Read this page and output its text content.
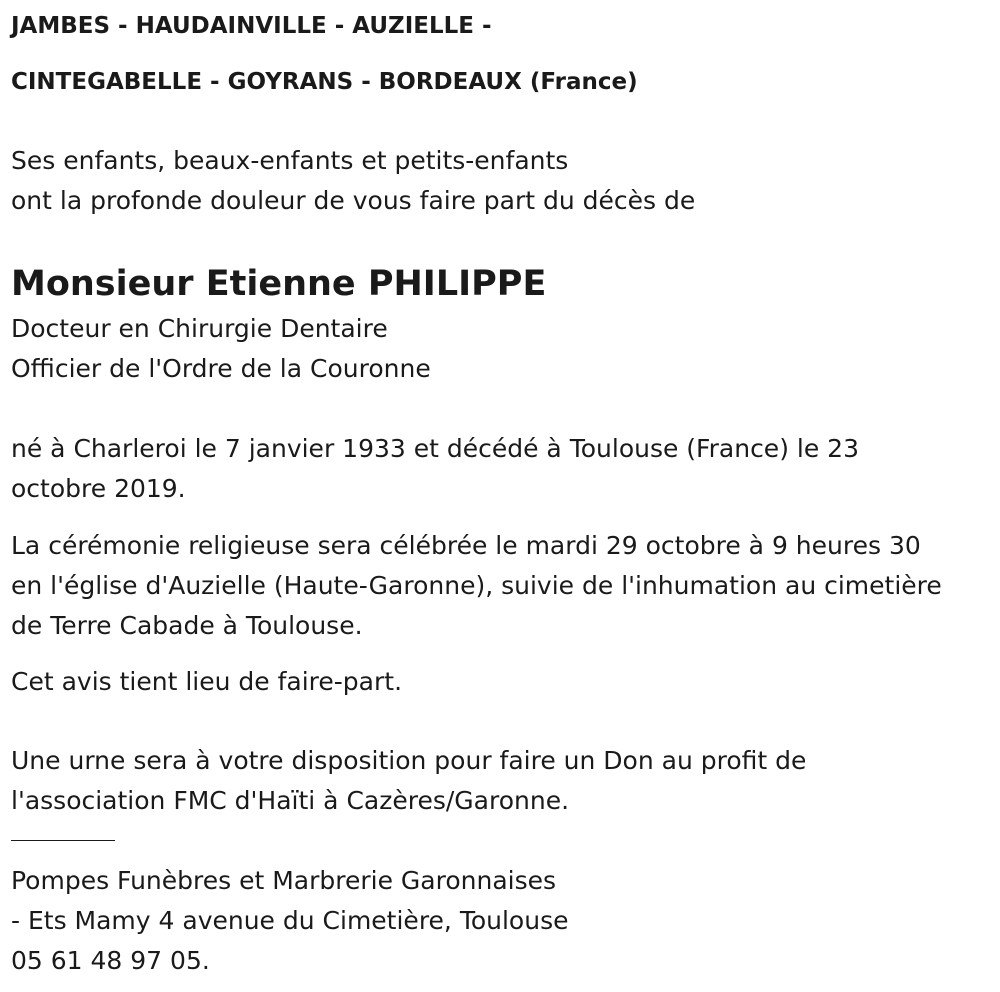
JAMBES - HAUDAINVILLE - AUZIELLE -

CINTEGABELLE - GOYRANS - BORDEAUX (France)

Ses enfants, beaux-enfants et petits-enfants

ont la profonde douleur de vous faire part du décès de

Monsieur Etienne PHILIPPE

Docteur en Chirurgie Dentaire

Officier de l'Ordre de la Couronne

né à Charleroi le 7 janvier 1933 et décédé à Toulouse (France) le 23

octobre 2019.

La cérémonie religieuse sera célébrée le mardi 29 octobre à 9 heures 30

en l'église d'Auzielle (Haute-Garonne), suivie de l'inhumation au cimetière

de Terre Cabade à Toulouse.

Cet avis tient lieu de faire-part.

Une urne sera à votre disposition pour faire un Don au profit de

l'association FMC d'Haïti à Cazères/Garonne.

Pompes Funèbres et Marbrerie Garonnaises

- Ets Mamy 4 avenue du Cimetière, Toulouse

05 61 48 97 05.
